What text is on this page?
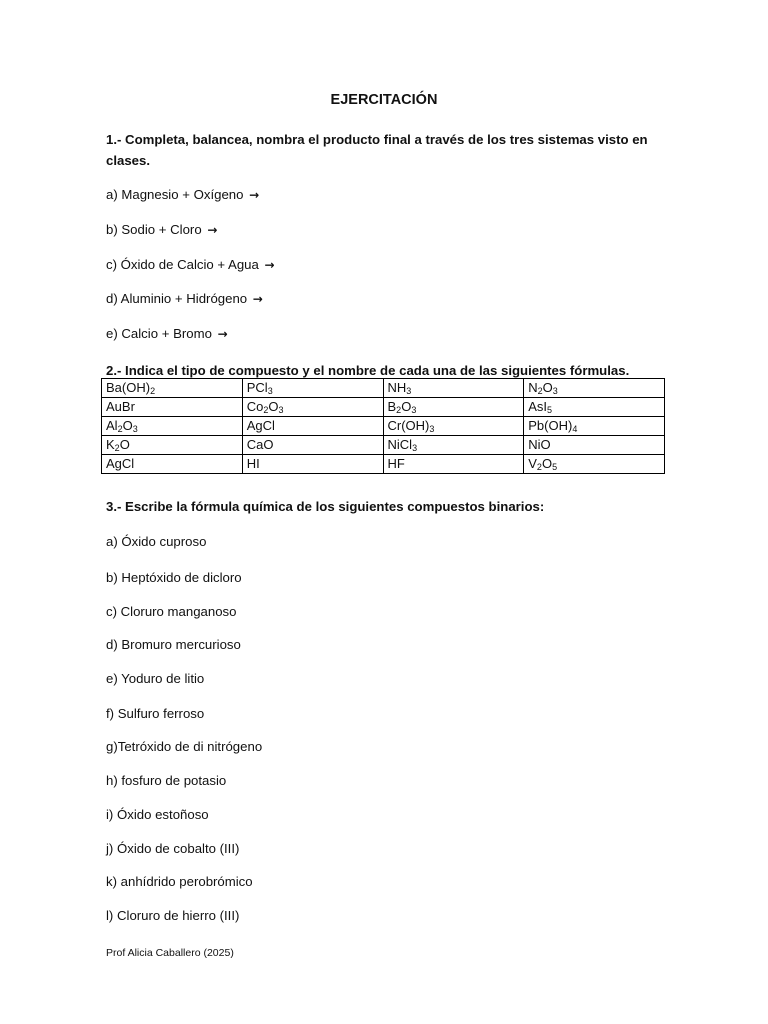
EJERCITACIÓN
1.- Completa, balancea, nombra el producto final a través de los tres sistemas visto en clases.
a) Magnesio + Oxígeno →
b) Sodio + Cloro →
c) Óxido de Calcio + Agua →
d) Aluminio + Hidrógeno →
e) Calcio + Bromo →
2.- Indica el tipo de compuesto y el nombre de cada una de las siguientes fórmulas.
$Ba(OH)_2$	PCl$_3$	$NH_3$	$N_2O_3$
AuBr	$Co_2O_3$	$B_2O_3$	AsI$_5$
$Al_2O_3$	AgCl	$Cr(OH)_3$	$Pb(OH)_4$
$K_2O$	CaO	NiCl$_3$	NiO
AgCl	HI	HF	$V_2O_5$
3.- Escribe la fórmula química de los siguientes compuestos binarios:
a) Óxido cuproso
b) Heptóxido de dicloro
c) Cloruro manganoso
d) Bromuro mercurioso
e) Yoduro de litio
f) Sulfuro ferroso
g)Tetróxido de di nitrógeno
h) fosfuro de potasio
i) Óxido estoñoso
j) Óxido de cobalto (III)
k) anhídrido perobrómico
l) Cloruro de hierro (III)
Prof Alicia Caballero (2025)
